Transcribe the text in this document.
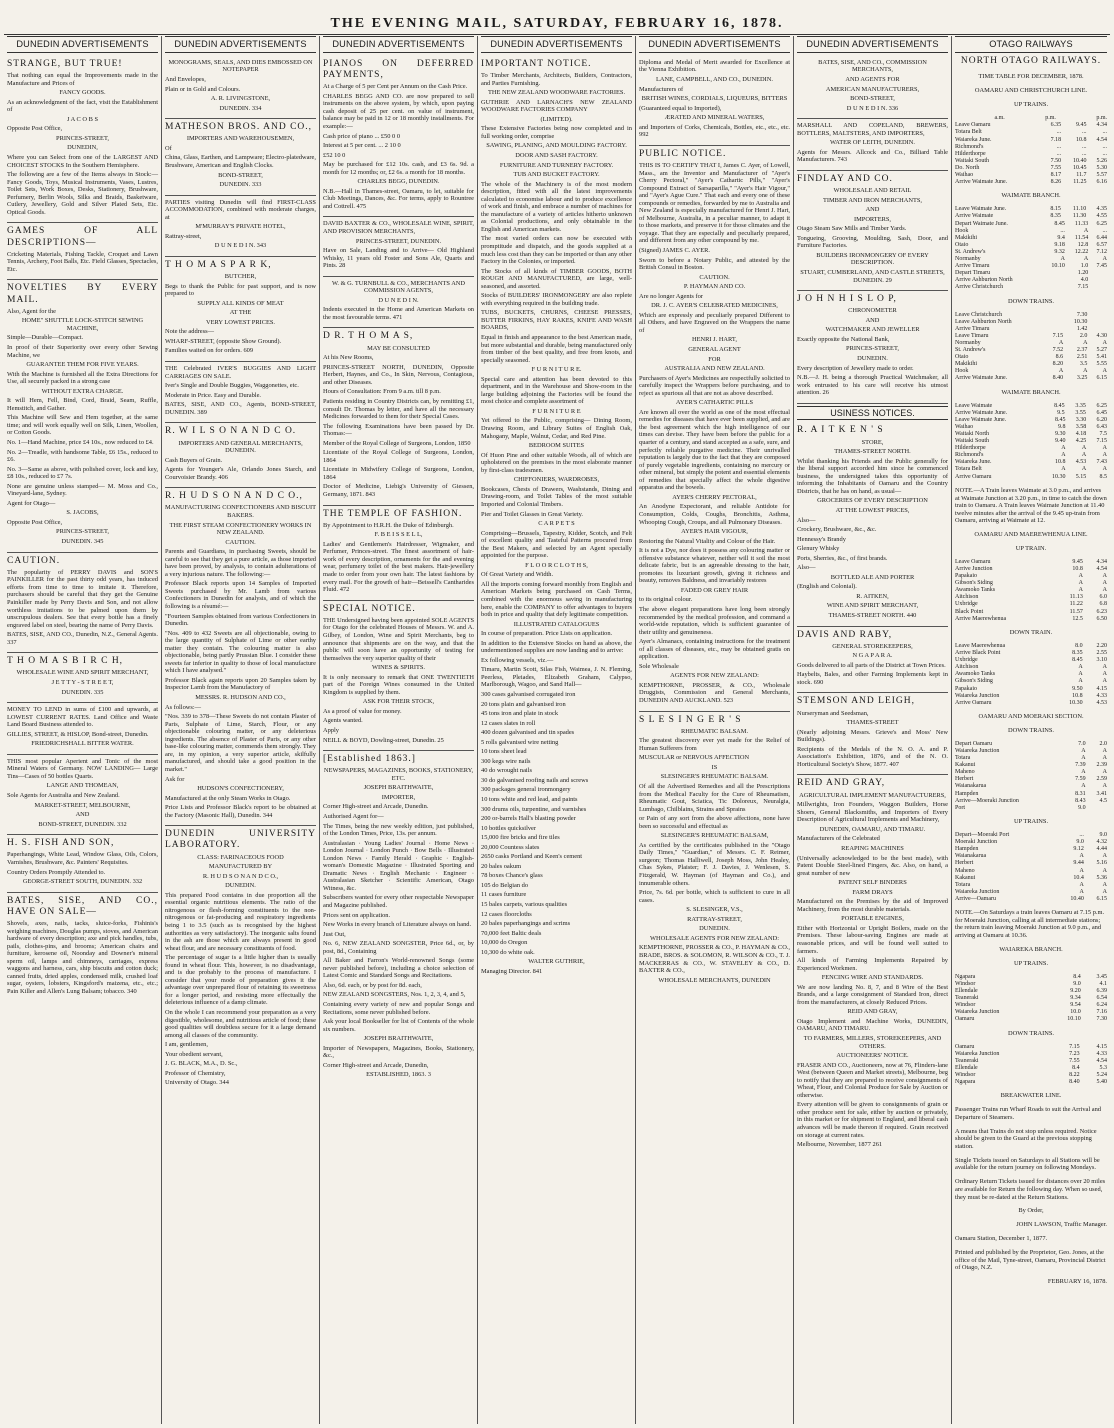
THE EVENING MAIL, SATURDAY, FEBRUARY 16, 1878.
DUNEDIN ADVERTISEMENTS

STRANGE, BUT TRUE!

That nothing can equal the Improvements made in the Manufacture and Prices of

FANCY GOODS.

As an acknowledgment of the fact, visit the Establishment of

J A C O B S

Opposite Post Office,

PRINCES-STREET,

DUNEDIN,

Where you can Select from one of the LARGEST AND CHOICEST STOCKS In the Southern Hemisphere.

The following are a few of the Items always in Stock:— Fancy Goods, Toys, Musical Instruments, Vases, Lustres, Toilet Sets, Work Boxes, Desks, Stationery, Brushware, Perfumery, Berlin Wools, Silks and Braids, Basketware, Cutlery, Jewellery, Gold and Silver Plated Sets, Etc. Optical Goods.

GAMES OF ALL DESCRIPTIONS—

Cricketing Materials, Fishing Tackle, Croquet and Lawn Tennis, Archery, Foot Balls, Etc. Field Glasses, Spectacles, Etc.

NOVELTIES BY EVERY MAIL.

Also, Agent for the

HOME" SHUTTLE LOCK-STITCH SEWING MACHINE,

Simple—Durable—Compact.

In proof of their Superiority over every other Sewing Machine, we

GUARANTEE THEM FOR FIVE YEARS.

With the Machine is furnished all the Extra Directions for Use, all securely packed in a strong case

WITHOUT EXTRA CHARGE.

It will Hem, Fell, Bind, Cord, Braid, Seam, Ruffle, Hemstitch, and Gather.

This Machine will Sew and Hem together, at the same time; and will work equally well on Silk, Linen, Woollen, or Cotton Goods.

No. 1—Hand Machine, price £4 10s., now reduced to £4.

No. 2—Treadle, with handsome Table, £6 15s., reduced to £6.

No. 3—Same as above, with polished cover, lock and key, £8 10s., reduced to £7 7s.

None are genuine unless stamped— M. Moss and Co., Vineyard-lane, Sydney.

Agent for Otago—

S. JACOBS,

Opposite Post Office,

PRINCES-STREET,

DUNEDIN. 345

CAUTION.

The popularity of PERRY DAVIS and SON'S PAINKILLER for the past thirty odd years, has induced efforts from time to time to imitate it. Therefore, purchasers should be careful that they get the Genuine Painkiller made by Perry Davis and Son, and not allow worthless imitations to be palmed upon them by unscrupulous dealers. See that every bottle has a finely engraved label on steel, bearing the name of Perry Davis.

BATES, SISE, AND CO., Dunedin, N.Z., General Agents. 337

T H O M A S B I R C H,

WHOLESALE WINE AND SPIRIT MERCHANT,

J E T T Y - S T R E E T,

DUNEDIN. 335

MONEY TO LEND in sums of £100 and upwards, at LOWEST CURRENT RATES. Land Office and Waste Land Board Business attended to.

GILLIES, STREET, & HISLOP, Bond-street, Dunedin.

FRIEDRICHSHALL BITTER WATER.

THIS most popular Aperient and Tonic of the most Mineral Waters of Germany. NOW LANDING— Large Tins—Cases of 50 bottles Quarts.

LANGE AND THOMEAN,

Sole Agents for Australia and New Zealand.

MARKET-STREET, MELBOURNE,

AND

BOND-STREET, DUNEDIN. 332

H. S. FISH AND SON,

Paperhangings, White Lead, Window Glass, Oils, Colors, Varnishes, Brushware, &c. Painters' Requisites.

Country Orders Promptly Attended to.

GEORGE-STREET SOUTH, DUNEDIN. 332

BATES, SISE, AND CO., HAVE ON SALE—

Shovels, axes, nails, tacks, sluice-forks, Fishinis's weighing machines, Douglas pumps, stoves, and American hardware of every description; axe and pick handles, tubs, pails, clothes-pins, and brooms; American chairs and furniture, kerosene oil, Noonday and Downer's mineral sperm oil, lamps and chimneys, carriages, express waggons and harness, cars, ship biscuits and cotton duck; canned fruits, dried apples, condensed milk, crushed loaf sugar, oysters, lobsters, Kingsford's maizena, etc., etc.; Pain Killer and Allen's Lung Balsam; tobacco. 340

DUNEDIN ADVERTISEMENTS

MONOGRAMS, SEALS, AND DIES EMBOSSED ON NOTEPAPER

And Envelopes,

Plain or in Gold and Colours.

A. R. LIVINGSTONE,

DUNEDIN. 334

MATHESON BROS. AND CO.,

IMPORTERS AND WAREHOUSEMEN,

Of

China, Glass, Earthen, and Lampware; Electro-platedware, Brushware, American and English Clocks.

BOND-STREET,

DUNEDIN. 333

PARTIES visiting Dunedin will find FIRST-CLASS ACCOMMODATION, combined with moderate charges, at

M'MURRAY'S PRIVATE HOTEL,

Rattray-street,

D U N E D I N. 343

T H O M A S P A R K,

BUTCHER,

Begs to thank the Public for past support, and is now prepared to

SUPPLY ALL KINDS OF MEAT

AT THE

VERY LOWEST PRICES.

Note the address—

WHARF-STREET, (opposite Show Ground).

Families waited on for orders. 609

THE Celebrated IVER'S BUGGIES AND LIGHT CARRIAGES ON SALE.

Iver's Single and Double Buggies, Waggonettes, etc.

Moderate in Price. Easy and Durable.

BATES, SISE, AND CO., Agents, BOND-STREET, DUNEDIN. 389

R. W I L S O N A N D C O.

IMPORTERS AND GENERAL MERCHANTS, DUNEDIN.

Cash Buyers of Grain.

Agents for Younger's Ale, Orlando Jones Starch, and Courvoisier Brandy. 406

R. H U D S O N A N D C O.,

MANUFACTURING CONFECTIONERS AND BISCUIT BAKERS.

THE FIRST STEAM CONFECTIONERY WORKS IN NEW ZEALAND.

CAUTION.

Parents and Guardians, in purchasing Sweets, should be careful to see that they get a pure article, as those imported have been proved, by analysis, to contain adulterations of a very injurious nature. The following:—

Professor Black reports upon 14 Samples of Imported Sweets purchased by Mr. Lamb from various Confectioners in Dunedin for analysis, and of which the following is a résumé:—

"Fourteen Samples obtained from various Confectioners in Dunedin.

"Nos. 409 to 432 Sweets are all objectionable, owing to the large quantity of Sulphate of Lime or other earthy matter they contain. The colouring matter is also objectionable, being partly Prussian Blue. I consider these sweets far inferior in quality to those of local manufacture which I have analysed."

Professor Black again reports upon 20 Samples taken by Inspector Lamb from the Manufactory of

MESSRS. R. HUDSON AND CO.,

As follows:—

"Nos. 339 to 378—These Sweets do not contain Plaster of Paris, Sulphate of Lime, Starch, Flour, or any objectionable colouring matter, or any deleterious ingredients. The absence of Plaster of Paris, or any other base-like colouring matter, commends them strongly. They are, in my opinion, a very superior article, skilfully manufactured, and should take a good position in the market."

Ask for

HUDSON'S CONFECTIONERY,

Manufactured at the only Steam Works in Otago.

Price Lists and Professor Black's report to be obtained at the Factory (Masonic Hall), Dunedin. 344

DUNEDIN UNIVERSITY LABORATORY.

CLASS: FARINACEOUS FOOD

MANUFACTURED BY

R. H U D S O N A N D C O.,

DUNEDIN.

This prepared Food contains in due proportion all the essential organic nutritious elements. The ratio of the nitrogenous or flesh-forming constituents to the non-nitrogenous or fat-producing and respiratory ingredients being 1 to 3.5 (such as is recognised by the highest authorities as very satisfactory). The inorganic salts found in the ash are those which are always present in good wheat flour, and are necessary constituents of food.

The percentage of sugar is a little higher than is usually found in wheat flour. This, however, is no disadvantage, and is due probably to the process of manufacture. I consider that your mode of preparation gives it the advantage over unprepared flour of retaining its sweetness for a longer period, and resisting more effectually the deleterious influence of a damp climate.

On the whole I can recommend your preparation as a very digestible, wholesome, and nutritious article of food; these good qualities will doubtless secure for it a large demand among all classes of the community.

I am, gentlemen,

Your obedient servant,

J. G. BLACK, M.A., D. Sc.,

Professor of Chemistry,

University of Otago. 344

DUNEDIN ADVERTISEMENTS

PIANOS ON DEFERRED PAYMENTS,

At a Charge of 5 per Cent per Annum on the Cash Price.

CHARLES BEGG AND CO. are now prepared to sell instruments on the above system, by which, upon paying cash deposit of 25 per cent. on value of instrument, balance may be paid in 12 or 18 monthly installments. For example:—

Cash price of piano ... £50 0 0

Interest at 5 per cent. ... 2 10 0

£52 10 0

May be purchased for £12 10s. cash, and £3 6s. 9d. a month for 12 months; or, £2 6s. a month for 18 months.

CHARLES BEGG, DUNEDIN.

N.B.—Hall in Thames-street, Oamaru, to let, suitable for Club Meetings, Dances, &c. For terms, apply to Rountree and Cottrell. 475

DAVID BAXTER & CO., WHOLESALE WINE, SPIRIT, AND PROVISION MERCHANTS,

PRINCES-STREET, DUNEDIN.

Have on Sale, Landing and to Arrive— Old Highland Whisky, 11 years old Foster and Sons Ale, Quarts and Pints. 28

W. & G. TURNBULL & CO., MERCHANTS AND COMMISSION AGENTS,

D U N E D I N.

Indents executed in the Home and American Markets on the most favourable terms. 471

D R. T H O M A S,

MAY BE CONSULTED

At his New Rooms,

PRINCES-STREET NORTH, DUNEDIN, Opposite Herbert, Haynes, and Co., In Skin, Nervous, Contagious, and other Diseases.

Hours of Consultation: From 9 a.m. till 8 p.m.

Patients residing in Country Districts can, by remitting £1, consult Dr. Thomas by letter, and have all the necessary Medicines forwarded to them for their Special Cases.

The following Examinations have been passed by Dr. Thomas:—

Member of the Royal College of Surgeons, London, 1850

Licentiate of the Royal College of Surgeons, London, 1864

Licentiate in Midwifery College of Surgeons, London, 1864

Doctor of Medicine, Liebig's University of Giessen, Germany, 1871. 843

THE TEMPLE OF FASHION.

By Appointment to H.R.H. the Duke of Edinburgh.

F. B E I S S E L L,

Ladies' and Gentlemen's Hairdresser, Wigmaker, and Perfumer, Princes-street. The finest assortment of hair-work of every description, ornaments for the and evening wear, perfumery toilet of the best makers. Hair-jewellery made to order from your own hair. The latest fashions by every mail. For the growth of hair—Beissell's Cantharides Fluid. 472

SPECIAL NOTICE.

THE Undersigned having been appointed SOLE AGENTS for Otago for the celebrated Houses of Messrs. W. and A. Gilbey, of London, Wine and Spirit Merchants, beg to announce that shipments are on the way, and that the public will soon have an opportunity of testing for themselves the very superior quality of their

WINES & SPIRITS.

It is only necessary to remark that ONE TWENTIETH part of the Foreign Wines consumed in the United Kingdom is supplied by them.

ASK FOR THEIR STOCK,

As a proof of value for money.

Agents wanted.

Apply

NEILL & BOYD, Dowling-street, Dunedin. 25

[Established 1863.]

NEWSPAPERS, MAGAZINES, BOOKS, STATIONERY, ETC.

JOSEPH BRAITHWAITE,

IMPORTER,

Corner High-street and Arcade, Dunedin.

Authorised Agent for—

The Times, being the new weekly edition, just published, of the London Times, Price, 13s. per annum.

Australasian · Young Ladies' Journal · Home News · London Journal · London Punch · Bow Bells · Illustrated London News · Family Herald · Graphic · English-woman's Domestic Magazine · Illustrated Sporting and Dramatic News · English Mechanic · Engineer · Australasian Sketcher · Scientific American, Otago Witness, &c.

Subscribers wanted for every other respectable Newspaper and Magazine published.

Prices sent on application.

New Works in every branch of Literature always on hand.

Just Out,

No. 6, NEW ZEALAND SONGSTER, Price 6d., or, by post, 8d., Containing

All Baker and Farron's World-renowned Songs (some never published before), including a choice selection of Latest Comic and Standard Songs and Recitations.

Also, 6d. each, or by post for 8d. each,

NEW ZEALAND SONGSTERS, Nos. 1, 2, 3, 4, and 5,

Containing every variety of new and popular Songs and Recitations, some never published before.

Ask your local Bookseller for list of Contents of the whole six numbers.

JOSEPH BRAITHWAITE,

Importer of Newspapers, Magazines, Books, Stationery, &c.,

Corner High-street and Arcade, Dunedin,

ESTABLISHED, 1863. 3

DUNEDIN ADVERTISEMENTS

IMPORTANT NOTICE.

To Timber Merchants, Architects, Builders, Contractors, and Parties Furnishing.

THE NEW ZEALAND WOODWARE FACTORIES.

GUTHRIE AND LARNACH'S NEW ZEALAND WOODWARE FACTORIES COMPANY

(LIMITED).

These Extensive Factories being now completed and in full working order, comprise

SAWING, PLANING, AND MOULDING FACTORY.

DOOR AND SASH FACTORY.

FURNITURE AND TURNERY FACTORY.

TUB AND BUCKET FACTORY.

The whole of the Machinery is of the most modern description, fitted with all the latest improvements calculated to economise labour and to produce excellence of work and finish, and embrace a number of machines for the manufacture of a variety of articles hitherto unknown as Colonial productions, and only obtainable in the English and American markets.

The most varied orders can now be executed with promptitude and dispatch, and the goods supplied at a much less cost than they can be imported or than any other Factory in the Colonies, or imported.

The Stocks of all kinds of TIMBER GOODS, BOTH ROUGH AND MANUFACTURED, are large, well-seasoned, and assorted.

Stocks of BUILDERS' IRONMONGERY are also replete with everything required in the building trade.

TUBS, BUCKETS, CHURNS, CHEESE PRESSES, BUTTER FIRKINS, HAY RAKES, KNIFE AND WASH BOARDS,

Equal in finish and appearance to the best American made, but more substantial and durable, being manufactured only from timber of the best quality, and free from knots, and specially seasoned.

F U R N I T U R E.

Special care and attention has been devoted to this department, and in the Warehouse and Show-room in the large building adjoining the Factories will be found the most choice and complete assortment of

F U R N I T U R E

Yet offered to the Public, comprising— Dining Room, Drawing Room, and Library Suites of English Oak, Mahogany, Maple, Walnut, Cedar, and Red Pine.

BEDROOM SUITES

Of Huon Pine and other suitable Woods, all of which are upholstered on the premises in the most elaborate manner by first-class tradesmen.

CHIFFONIERS, WARDROBES,

Bookcases, Chests of Drawers, Washstands, Dining and Drawing-room, and Toilet Tables of the most suitable Imported and Colonial Timbers.

Pier and Toilet Glasses in Great Variety.

C A R P E T S

Comprising—Brussels, Tapestry, Kidder, Scotch, and Felt of excellent quality and Tasteful Patterns procured from the Best Makers, and selected by an Agent specially appointed for the purpose.

F L O O R C L O T H S,

Of Great Variety and Width.

All the imports coming forward monthly from English and American Markets being purchased on Cash Terms, combined with the enormous saving in manufacturing here, enable the COMPANY to offer advantages to buyers both in price and quality that defy legitimate competition.

ILLUSTRATED CATALOGUES

In course of preparation. Price Lists on application.

In addition to the Extensive Stocks on hand as above, the undermentioned supplies are now landing and to arrive:

Ex following vessels, viz.—

Timaru, Martin Scott, Silas Fish, Waimea, J. N. Fleming, Peerless, Pleiades, Elizabeth Graham, Calypso, Marlborough, Wagoo, and Sand Hall—

300 cases galvanised corrugated iron

20 tons plain and galvanised iron

45 tons iron and plate in stock

12 cases slates in roll

400 dozen galvanised and tin spades

5 rolls galvanised wire netting

10 tons sheet lead

300 kegs wire nails

40 do wrought nails

30 do galvanised roofing nails and screws

300 packages general ironmongery

10 tons white and red lead, and paints

300 drums oils, turpentine, and varnishes

200 or-barrels Hall's blasting powder

10 bottles quicksilver

15,000 fire bricks and fire tiles

20,000 Countess slates

2650 casks Portland and Keen's cement

20 bales oakum

78 boxes Chance's glass

105 do Belgian do

11 cases furniture

15 bales carpets, various qualities

12 cases floorcloths

20 bales paperhangings and scrims

70,000 feet Baltic deals

10,000 do Oregon

10,300 do white oak.

WALTER GUTHRIE,

Managing Director. 841

DUNEDIN ADVERTISEMENTS

Diploma and Medal of Merit awarded for Excellence at the Vienna Exhibition.

LANE, CAMPBELL, AND CO., DUNEDIN.

Manufacturers of

BRITISH WINES, CORDIALS, LIQUEURS, BITTERS

(Guaranteed equal to Imported),

ÆRATED AND MINERAL WATERS,

and Importers of Corks, Chemicals, Bottles, etc., etc., etc. 992

PUBLIC NOTICE.

THIS IS TO CERTIFY THAT I, James C. Ayer, of Lowell, Mass., am the Inventor and Manufacturer of "Ayer's Cherry Pectoral," "Ayer's Cathartic Pills," "Ayer's Compound Extract of Sarsaparilla," "Ayer's Hair Vigour," and "Ayer's Ague Cure." That each and every one of these compounds or remedies, forwarded by me to Australia and New Zealand is especially manufactured for Henri J. Hart, of Melbourne, Australia, in a peculiar manner, to adapt it to those markets, and preserve it for those climates and the voyage. That they are especially and peculiarly prepared, and different from any other compound by me.

(Signed) JAMES C. AYER.

Sworn to before a Notary Public, and attested by the British Consul in Boston.

CAUTION.

P. HAYMAN AND CO.

Are no longer Agents for

DR. J. C. AYER'S CELEBRATED MEDICINES,

Which are expressly and peculiarly prepared Different to all Others, and have Engraved on the Wrappers the name of

HENRI J. HART,

GENERAL AGENT

FOR

AUSTRALIA AND NEW ZEALAND.

Purchasers of Ayer's Medicines are respectfully solicited to carefully inspect the Wrappers before purchasing, and to reject as spurious all that are not as above described.

AYER'S CATHARTIC PILLS

Are known all over the world as one of the most effectual remedies for diseases that have ever been supplied, and are the best agreement which the high intelligence of our times can devise. They have been before the public for a quarter of a century, and stand accepted as a safe, sure, and perfectly reliable purgative medicine. Their unrivalled reputation is largely due to the fact that they are composed of purely vegetable ingredients, containing no mercury or other mineral, but simply the potent and essential elements of remedies that specially affect the whole digestive apparatus and the bowels.

AYER'S CHERRY PECTORAL,

An Anodyne Expectorant, and reliable Antidote for Consumption, Colds, Coughs, Bronchitis, Asthma, Whooping Cough, Croups, and all Pulmonary Diseases.

AYER'S HAIR VIGOUR,

Restoring the Natural Vitality and Colour of the Hair.

It is not a Dye, nor does it possess any colouring matter or offensive substance whatever, neither will it soil the most delicate fabric, but is an agreeable dressing to the hair, promotes its luxuriant growth, giving it richness and beauty, removes Baldness, and invariably restores

FADED OR GREY HAIR

to its original colour.

The above elegant preparations have long been strongly recommended by the medical profession, and command a world-wide reputation, which is sufficient guarantee of their utility and genuineness.

Ayer's Almanacs, containing instructions for the treatment of all classes of diseases, etc., may be obtained gratis on application.

Sole Wholesale

AGENTS FOR NEW ZEALAND:

KEMPTHORNE, PROSSER, & CO., Wholesale Druggists, Commission and General Merchants, DUNEDIN AND AUCKLAND. 523

S L E S I N G E R ' S

RHEUMATIC BALSAM.

The greatest discovery ever yet made for the Relief of Human Sufferers from

MUSCULAR or NERVOUS AFFECTION

IS

SLESINGER'S RHEUMATIC BALSAM.

Of all the Advertised Remedies and all the Prescriptions from the Medical Faculty for the Cure of Rheumatism, Rheumatic Gout, Sciatica, Tic Doloreux, Neuralgia, Lumbago, Chilblains, Strains and Sprains

or Pain of any sort from the above affections, none have been so successful and effectual as

SLESINGER'S RHEUMATIC BALSAM,

As certified by the certificates published in the "Otago Daily Times," "Guardian," of Messrs. C. F. Reimer, surgeon; Thomas Halliwell, Joseph Moss, John Healey, Chas Sykes, Plaister; F. J. Davies, J. Wenlesen, S. Fitzgerald, W. Hayman (of Hayman and Co.), and innumerable others.

Price, 7s. 6d. per bottle, which is sufficient to cure in all cases.

S. SLESINGER, V.S.,

RATTRAY-STREET,

DUNEDIN.

WHOLESALE AGENTS FOR NEW ZEALAND:

KEMPTHORNE, PROSSER & CO., P. HAYMAN & CO., BRADE, BROS. & SOLOMON, R. WILSON & CO., T. J. MACKERRAS & CO., W. STAVELEY & CO., D. BAXTER & CO.,

WHOLESALE MERCHANTS, DUNEDIN

DUNEDIN ADVERTISEMENTS

BATES, SISE, AND CO., COMMISSION MERCHANTS,

AND AGENTS FOR

AMERICAN MANUFACTURERS,

BOND-STREET,

D U N E D I N. 336

MARSHALL AND COPELAND, BREWERS, BOTTLERS, MALTSTERS, AND IMPORTERS,

WATER OF LEITH, DUNEDIN.

Agents for Messrs. Allcock and Co., Billiard Table Manufacturers. 743

FINDLAY AND CO.

WHOLESALE AND RETAIL

TIMBER AND IRON MERCHANTS,

AND

IMPORTERS,

Otago Steam Saw Mills and Timber Yards.

Tongueing, Grooving, Moulding, Sash, Door, and Furniture Factories.

BUILDERS IRONMONGERY OF EVERY DESCRIPTION.

STUART, CUMBERLAND, AND CASTLE STREETS, DUNEDIN. 29

J O H N H I S L O P,

CHRONOMETER

AND

WATCHMAKER AND JEWELLER

Exactly opposite the National Bank,

PRINCES-STREET,

DUNEDIN.

Every description of Jewellery made to order.

N.B.—J. H. being a thorough Practical Watchmaker, all work entrusted to his care will receive his utmost attention. 26

USINESS NOTICES.

R. A I T K E N ' S

STORE,

THAMES-STREET NORTH.

Whilst thanking his Friends and the Public generally for the liberal support accorded him since he commenced business, the undersigned takes this opportunity of informing the Inhabitants of Oamaru and the Country Districts, that he has on hand, as usual—

GROCERIES OF EVERY DESCRIPTION

AT THE LOWEST PRICES,

Also—

Crockery, Brushware, &c., &c.

Hennessy's Brandy

Glenury Whisky

Ports, Sherries, &c., of first brands.

Also—

BOTTLED ALE AND PORTER

(English and Colonial).

R. AITKEN,

WINE AND SPIRIT MERCHANT,

THAMES-STREET NORTH. 440

DAVIS AND RABY,

GENERAL STOREKEEPERS,

N G A P A R A.

Goods delivered to all parts of the District at Town Prices.

Haybelts, Bales, and other Farming Implements kept in stock. 690

STEMSON AND LEIGH,

Nurseryman and Seedsman,

THAMES-STREET

(Nearly adjoining Messrs. Grieve's and Moss' New Buildings).

Recipients of the Medals of the N. O. A. and P. Association's Exhibition, 1876, and of the N. O. Horticultural Society's Show, 1877. 407

REID AND GRAY,

AGRICULTURAL IMPLEMENT MANUFACTURERS,

Millwrights, Iron Founders, Waggon Builders, Horse Shoers, General Blacksmiths, and Importers of Every Description of Agricultural Implements and Machinery,

DUNEDIN, OAMARU, AND TIMARU.

Manufacturers of the Celebrated

REAPING MACHINES

(Universally acknowledged to be the best made), with Patent Double Steel-lined Fingers, &c. Also, on hand, a great number of new

PATENT SELF BINDERS

FARM DRAYS

Manufactured on the Premises by the aid of Improved Machinery, from the most durable materials.

PORTABLE ENGINES,

Either with Horizontal or Upright Boilers, made on the Premises. These labour-saving Engines are made at reasonable prices, and will be found well suited to farmers.

All kinds of Farming Implements Repaired by Experienced Workmen.

FENCING WIRE AND STANDARDS.

We are now landing No. 8, 7, and 8 Wire of the Best Brands, and a large consignment of Standard Iron, direct from the manufacturers, at closely Reduced Prices.

REID AND GRAY,

Otago Implement and Machine Works, DUNEDIN, OAMARU, AND TIMARU.

TO FARMERS, MILLERS, STOREKEEPERS, AND OTHERS.

AUCTIONEERS' NOTICE.

FRASER AND CO., Auctioneers, now at 76, Flinders-lane West (between Queen and Market streets), Melbourne, beg to notify that they are prepared to receive consignments of Wheat, Flour, and Colonial Produce for Sale by Auction or otherwise.

Every attention will be given to consignments of grain or other produce sent for sale, either by auction or privately, in this market or for shipment to England, and liberal cash advances will be made thereon if required. Grain received on storage at current rates.

Melbourne, November, 1877 261

OTAGO RAILWAYS

NORTH OTAGO RAILWAYS.

TIME TABLE FOR DECEMBER, 1878.

OAMARU AND CHRISTCHURCH LINE.

UP TRAINS.

	a.m.	p.m.	p.m.
Leave Oamaru	6.35	9.45	4.34
Totara Belt	...	...	...
Waiareka June.	7.18	10.8	4.54
Richmond's	...	...	...
Hilderthorpe	...	...	...
Waitaki South	7.50	10.40	5.26
Do. North	7.55	10.45	5.30
Waihao	8.17	11.7	5.57
Arrive Waimate June.	8.26	11.25	6.16

WAIMATE BRANCH.

Leave Waimate June.	8.15	11.10	4.35
Arrive Waimate	8.35	11.30	4.55
Depart Waimate June.	8.45	11.33	6.25
Hook	...	A	...
Makikihi	9.4	11.54	6.44
Otaio	9.18	12.8	6.57
St. Andrew's	9.32	12.22	7.12
Normanby	A	A	A
Arrive Timaru	10.10	1.0	7.45
Depart Timaru		1.20	
Arrive Ashburton North		4.0	
Arrive Christchurch		7.15	

DOWN TRAINS.

Leave Christchurch		7.30	
Leave Ashburton North		10.30	
Arrive Timaru		1.42	
Leave Timaru	7.15	2.0	4.30
Normanby	A	A	A
St. Andrew's	7.52	2.37	5.27
Otaio	8.6	2.51	5.41
Makikihi	8.20	3.5	5.55
Hook	A	A	A
Arrive Waimate June.	8.40	3.25	6.15

WAIMATE BRANCH.

Leave Waimate	8.45	3.35	6.25
Arrive Waimate June.	9.5	3.55	6.45
Leave Waimate June.	8.45	3.30	6.20
Waihao	9.8	3.58	6.43
Waitaki North	9.30	4.18	7.5
Waitaki South	9.40	4.25	7.15
Hilderthorpe	A	A	A
Richmond's	A	A	A
Waiareka June.	10.8	4.53	7.43
Totara Belt	A	A	A
Arrive Oamaru	10.30	5.15	8.5

NOTE.—A Train leaves Waimate at 3.0 p.m., and arrives at Waimate Junction at 3.20 p.m., in time to catch the down train to Oamaru. A Train leaves Waimate Junction at 11.40 twelve minutes after the arrival of the 9.45 up-train from Oamaru, arriving at Waimate at 12.

OAMARU AND MAEREWHENUA LINE.

UP TRAIN.

Leave Oamaru	9.45	4.34
Arrive Junction	10.8	4.54
Papakaio	A	A
Gibson's Siding	A	A
Awamoko Tanks	A	A
Aitchison	11.13	6.0
Uxbridge	11.22	6.8
Black Point	11.57	6.23
Arrive Maerewhenua	12.5	6.50

DOWN TRAIN.

Leave Maerewhenua	8.0	2.20
Arrive Black Point	8.35	2.55
Uxbridge	8.45	3.10
Aitchison	A	A
Awamoko Tanks	A	A
Gibson's Siding	A	A
Papakaio	9.50	4.15
Waiareka Junction	10.8	4.33
Arrive Oamaru	10.30	4.53

OAMARU AND MOERAKI SECTION.

DOWN TRAINS.

Depart Oamaru	7.0	2.0
Waiareka Junction	A	A
Totara	A	A
Kakanui	7.39	2.39
Maheno	A	A
Herbert	7.59	2.59
Waianakarua	A	A
Hampden	8.31	3.41
Arrive—Moeraki Junction	8.43	4.5
Port	9.0	

UP TRAINS.

Depart—Moeraki Port	...	9.0
Moeraki Junction	9.0	4.32
Hampden	9.12	4.44
Waianakarua	A	A
Herbert	9.44	5.16
Maheno	A	A
Kakanui	10.4	5.36
Totara	A	A
Waiareka Junction	A	A
Arrive—Oamaru	10.40	6.15

NOTE.—On Saturdays a train leaves Oamaru at 7.15 p.m. for Moeraki Junction, calling at all intermediate stations; the return train leaving Moeraki Junction at 9.0 p.m., and arriving at Oamaru at 10.36.

WAIAREKA BRANCH.

UP TRAINS.

Ngapara	8.4	3.45
Windsor	9.0	4.1
Ellendale	9.20	6.39
Teaneraki	9.34	6.54
Windsor	9.54	6.24
Waiareka Junction	10.0	7.16
Oamaru	10.10	7.30

DOWN TRAINS.

Oamaru	7.15	4.15
Waiareka Junction	7.23	4.33
Teaneraki	7.55	4.54
Ellendale	8.4	5.3
Windsor	8.22	5.24
Ngapara	8.40	5.40

BREAKWATER LINE.

Passenger Trains run Wharf Roads to suit the Arrival and Departure of Steamers.

A means that Trains do not stop unless required. Notice should be given to the Guard at the previous stopping station.

Single Tickets issued on Saturdays to all Stations will be available for the return journey on following Mondays.

Ordinary Return Tickets issued for distances over 20 miles are available for Return the following day. When so used, they must be re-dated at the Return Stations.

By Order,

JOHN LAWSON, Traffic Manager.

Oamaru Station, December 1, 1877.

Printed and published by the Proprietor, Geo. Jones, at the office of the Mail, Tyne-street, Oamaru, Provincial District of Otago, N.Z.

FEBRUARY 16, 1878.
